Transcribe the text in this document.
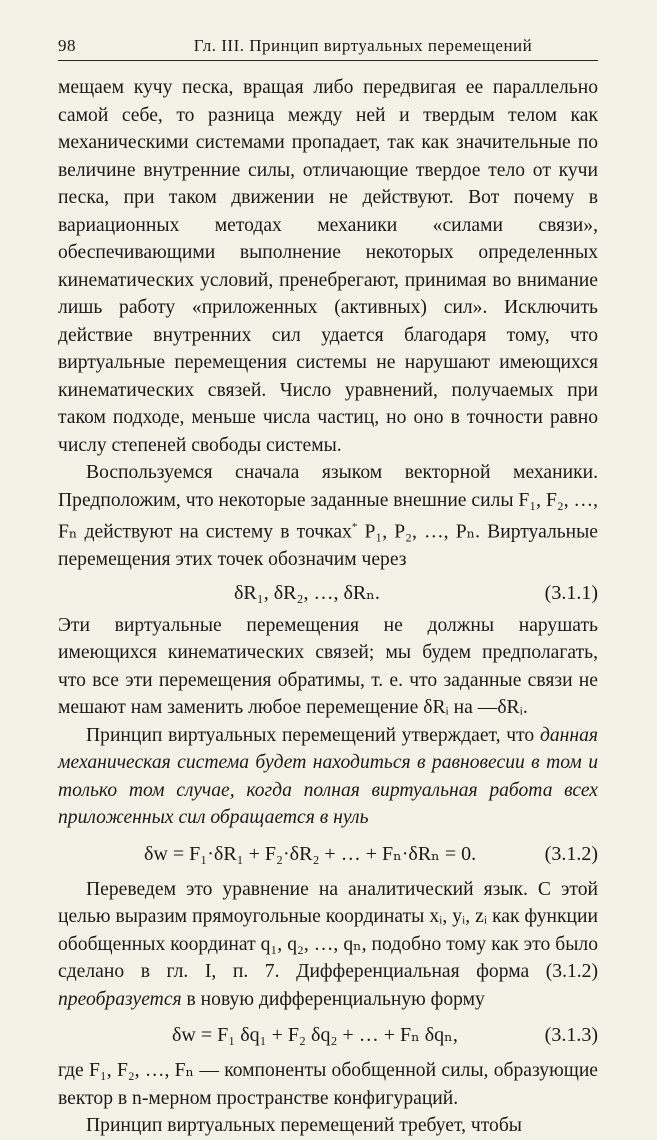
98	Гл. III. Принцип виртуальных перемещений

мещаем кучу песка, вращая либо передвигая ее параллельно самой себе, то разница между ней и твердым телом как механическими системами пропадает, так как значительные по величине внутренние силы, отличающие твердое тело от кучи песка, при таком движении не действуют. Вот почему в вариационных методах механики «силами связи», обеспечивающими выполнение некоторых определенных кинематических условий, пренебрегают, принимая во внимание лишь работу «приложенных (активных) сил». Исключить действие внутренних сил удается благодаря тому, что виртуальные перемещения системы не нарушают имеющихся кинематических связей. Число уравнений, получаемых при таком подходе, меньше числа частиц, но оно в точности равно числу степеней свободы системы.

Воспользуемся сначала языком векторной механики. Предположим, что некоторые заданные внешние силы F₁, F₂, …, Fₙ действуют на систему в точках* P₁, P₂, …, Pₙ. Виртуальные перемещения этих точек обозначим через

δR₁, δR₂, …, δRₙ.	(3.1.1)

Эти виртуальные перемещения не должны нарушать имеющихся кинематических связей; мы будем предполагать, что все эти перемещения обратимы, т. е. что заданные связи не мешают нам заменить любое перемещение δRᵢ на —δRᵢ.

Принцип виртуальных перемещений утверждает, что данная механическая система будет находиться в равновесии в том и только том случае, когда полная виртуальная работа всех приложенных сил обращается в нуль

δw = F₁·δR₁ + F₂·δR₂ + … + Fₙ·δRₙ = 0.	(3.1.2)

Переведем это уравнение на аналитический язык. С этой целью выразим прямоугольные координаты xᵢ, yᵢ, zᵢ как функции обобщенных координат q₁, q₂, …, qₙ, подобно тому как это было сделано в гл. I, п. 7. Дифференциальная форма (3.1.2) преобразуется в новую дифференциальную форму

δw = F₁ δq₁ + F₂ δq₂ + … + Fₙ δqₙ,	(3.1.3)

где F₁, F₂, …, Fₙ — компоненты обобщенной силы, образующие вектор в n-мерном пространстве конфигураций.

Принцип виртуальных перемещений требует, чтобы
